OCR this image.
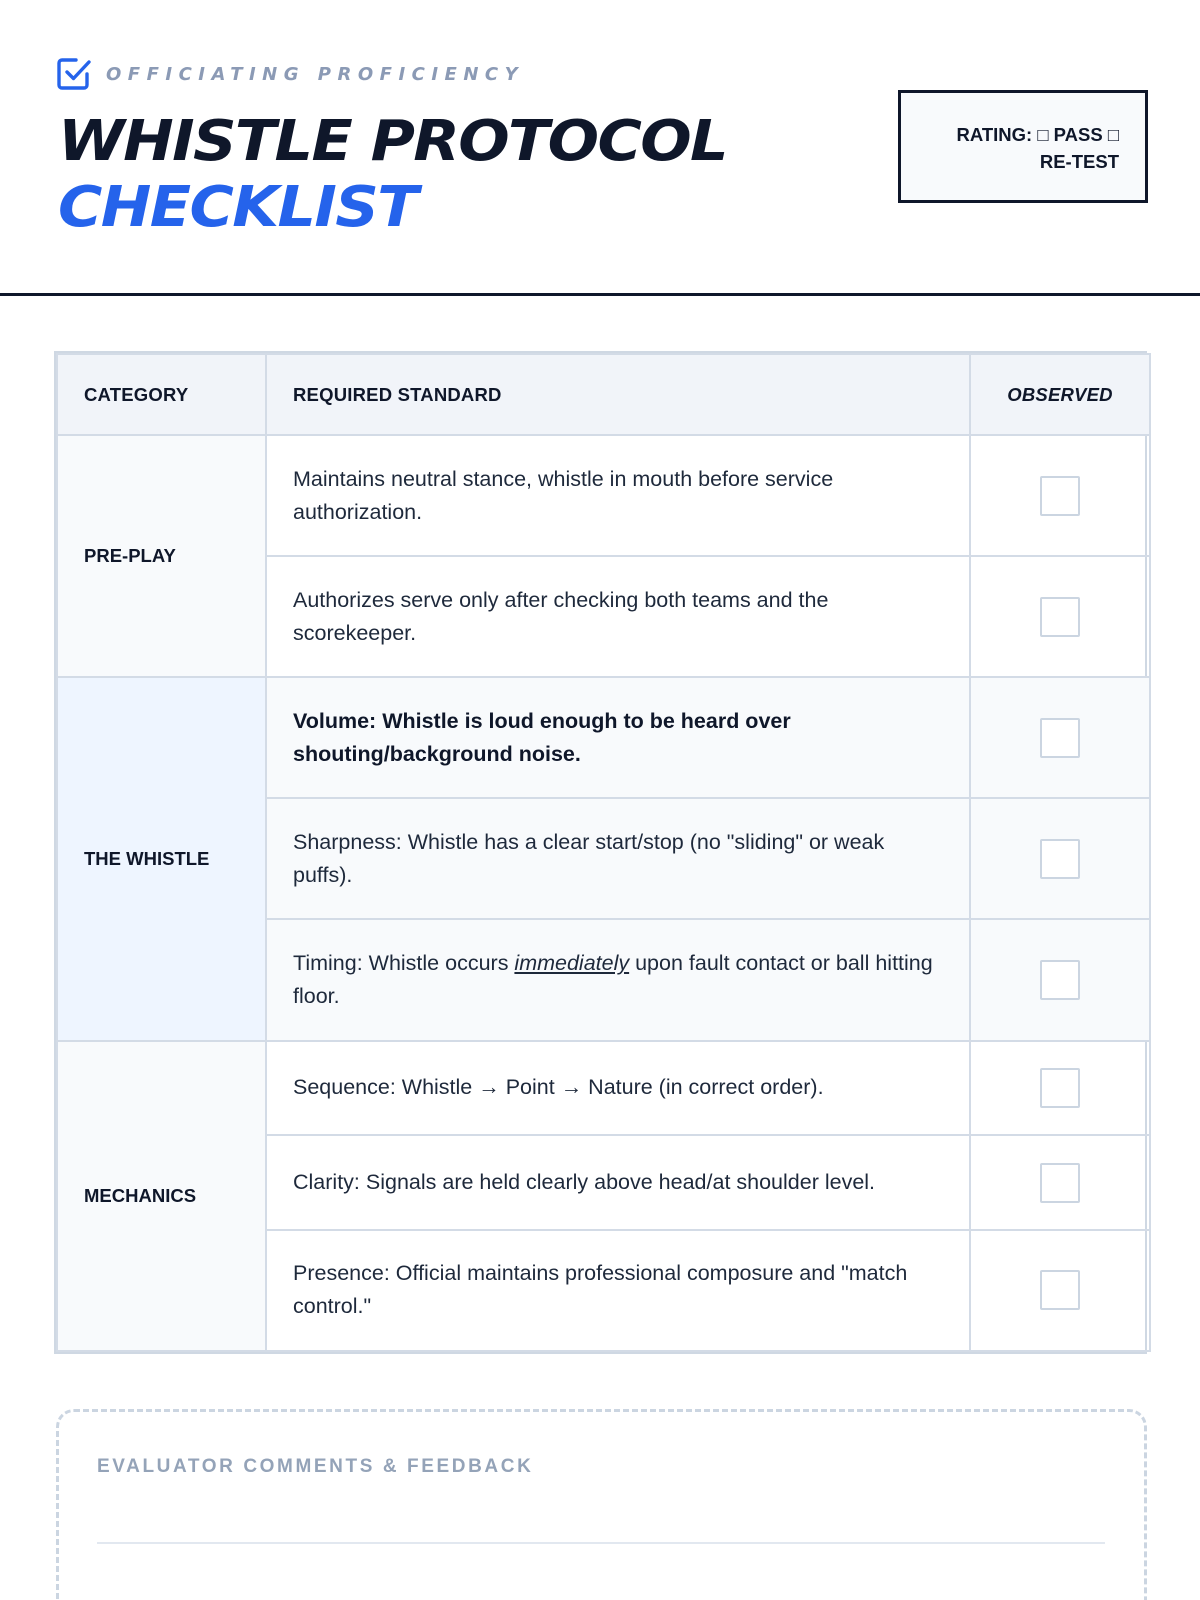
OFFICIATING PROFICIENCY
WHISTLE PROTOCOL
CHECKLIST
RATING: □ PASS □
RE-TEST
CATEGORY	REQUIRED STANDARD	OBSERVED
PRE-PLAY	Maintains neutral stance, whistle in mouth before service authorization.	
	Authorizes serve only after checking both teams and the scorekeeper.	
THE WHISTLE	Volume: Whistle is loud enough to be heard over shouting/background noise.	
	Sharpness: Whistle has a clear start/stop (no "sliding" or weak puffs).	
	Timing: Whistle occurs immediately upon fault contact or ball hitting floor.	
MECHANICS	Sequence: Whistle → Point → Nature (in correct order).	
	Clarity: Signals are held clearly above head/at shoulder level.	
	Presence: Official maintains professional composure and "match control."	
EVALUATOR COMMENTS & FEEDBACK
